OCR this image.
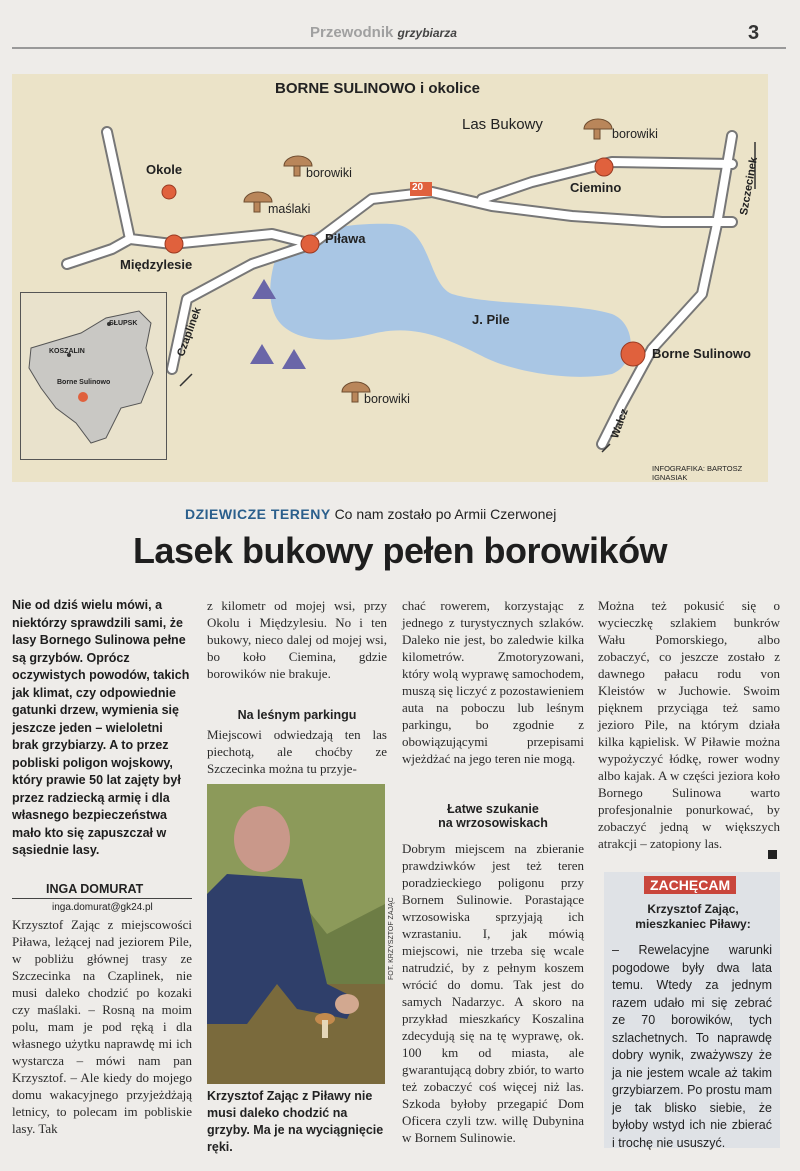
Przewodnik grzybiarza	3
BORNE SULINOWO i okolice
Okole
Międzylesie
Piława
Ciemino
Borne Sulinowo
Las Bukowy
J. Pile
borowiki
borowiki
maślaki
borowiki
20
Czaplinek
Szczecinek
Wałcz
INFOGRAFIKA: BARTOSZ IGNASIAK
SŁUPSK
KOSZALIN
Borne Sulinowo
DZIEWICZE TERENY Co nam zostało po Armii Czerwonej
Lasek bukowy pełen borowików
Nie od dziś wielu mówi, a niektórzy sprawdzili sami, że lasy Bornego Sulinowa pełne są grzybów. Oprócz oczywistych powodów, takich jak klimat, czy odpowiednie gatunki drzew, wymienia się jeszcze jeden – wieloletni brak grzybiarzy. A to przez pobliski poligon wojskowy, który prawie 50 lat zajęty był przez radziecką armię i dla własnego bezpieczeństwa mało kto się zapuszczał w sąsiednie lasy.
INGA DOMURAT
inga.domurat@gk24.pl
Krzysztof Zając z miejscowości Piława, leżącej nad jeziorem Pile, w pobliżu głównej trasy ze Szczecinka na Czaplinek, nie musi daleko chodzić po kozaki czy maślaki. – Rosną na moim polu, mam je pod ręką i dla własnego użytku naprawdę mi ich wystarcza – mówi nam pan Krzysztof. – Ale kiedy do mojego domu wakacyjnego przyjeżdżają letnicy, to polecam im pobliskie lasy. Tak
z kilometr od mojej wsi, przy Okolu i Międzylesiu. No i ten bukowy, nieco dalej od mojej wsi, bo koło Ciemina, gdzie borowików nie brakuje.
Na leśnym parkingu
Miejscowi odwiedzają ten las piechotą, ale choćby ze Szczecinka można tu przyje-
FOT. KRZYSZTOF ZAJĄC
Krzysztof Zając z Piławy nie musi daleko chodzić na grzyby. Ma je na wyciągnięcie ręki.
chać rowerem, korzystając z jednego z turystycznych szlaków. Daleko nie jest, bo zaledwie kilka kilometrów. Zmotoryzowani, który wolą wyprawę samochodem, muszą się liczyć z pozostawieniem auta na poboczu lub leśnym parkingu, bo zgodnie z obowiązującymi przepisami wjeżdżać na jego teren nie mogą.
Łatwe szukanie
na wrzosowiskach
Dobrym miejscem na zbieranie prawdziwków jest też teren poradzieckiego poligonu przy Bornem Sulinowie. Porastające wrzosowiska sprzyjają ich wzrastaniu. I, jak mówią miejscowi, nie trzeba się wcale natrudzić, by z pełnym koszem wrócić do domu. Tak jest do samych Nadarzyc. A skoro na przykład mieszkańcy Koszalina zdecydują się na tę wyprawę, ok. 100 km od miasta, ale gwarantującą dobry zbiór, to warto też zobaczyć coś więcej niż las. Szkoda byłoby przegapić Dom Oficera czyli tzw. willę Dubynina w Bornem Sulinowie.
Można też pokusić się o wycieczkę szlakiem bunkrów Wału Pomorskiego, albo zobaczyć, co jeszcze zostało z dawnego pałacu rodu von Kleistów w Juchowie. Swoim pięknem przyciąga też samo jezioro Pile, na którym działa kilka kąpielisk. W Piławie można wypożyczyć łódkę, rower wodny albo kajak. A w części jeziora koło Bornego Sulinowa warto profesjonalnie ponurkować, by zobaczyć jedną w większych atrakcji – zatopiony las.
ZACHĘCAM
Krzysztof Zając,
mieszkaniec Piławy:
– Rewelacyjne warunki pogodowe były dwa lata temu. Wtedy za jednym razem udało mi się zebrać ze 70 borowików, tych szlachetnych. To naprawdę dobry wynik, zważywszy że ja nie jestem wcale aż takim grzybiarzem. Po prostu mam je tak blisko siebie, że byłoby wstyd ich nie zbierać i trochę nie ususzyć.
